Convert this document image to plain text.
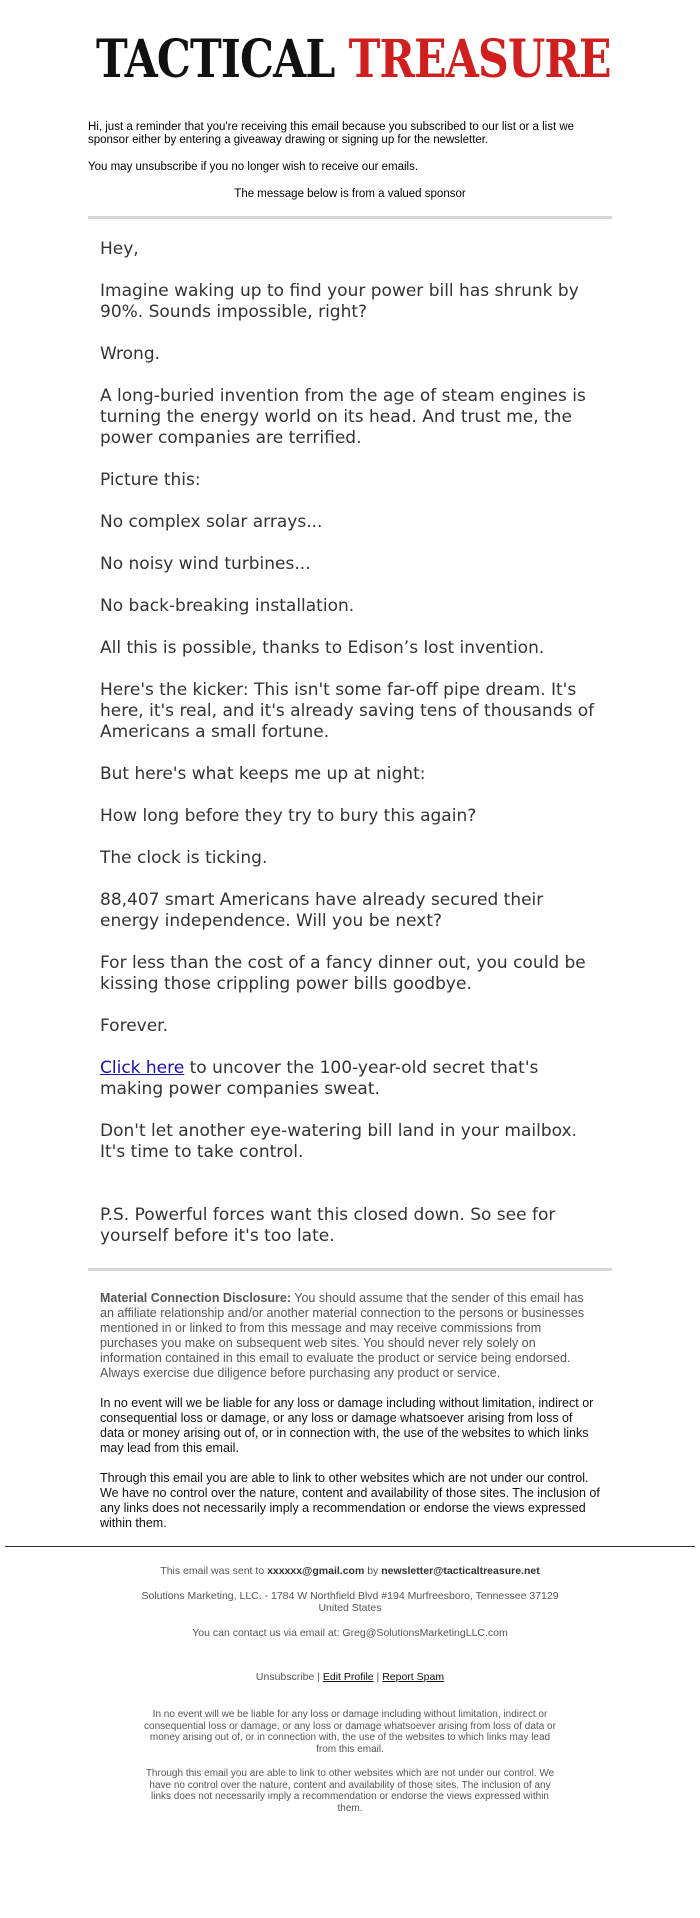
TACTICAL TREASURE

Hi, just a reminder that you're receiving this email because you subscribed to our list or a list we sponsor either by entering a giveaway drawing or signing up for the newsletter.

You may unsubscribe if you no longer wish to receive our emails.

The message below is from a valued sponsor

Hey,

Imagine waking up to find your power bill has shrunk by 90%. Sounds impossible, right?

Wrong.

A long-buried invention from the age of steam engines is turning the energy world on its head. And trust me, the power companies are terrified.

Picture this:

No complex solar arrays...

No noisy wind turbines...

No back-breaking installation.

All this is possible, thanks to Edison’s lost invention.

Here's the kicker: This isn't some far-off pipe dream. It's here, it's real, and it's already saving tens of thousands of Americans a small fortune.

But here's what keeps me up at night:

How long before they try to bury this again?

The clock is ticking.

88,407 smart Americans have already secured their energy independence. Will you be next?

For less than the cost of a fancy dinner out, you could be kissing those crippling power bills goodbye.

Forever.

Click here to uncover the 100-year-old secret that's making power companies sweat.

Don't let another eye-watering bill land in your mailbox. It's time to take control.

P.S. Powerful forces want this closed down. So see for yourself before it's too late.

Material Connection Disclosure: You should assume that the sender of this email has an affiliate relationship and/or another material connection to the persons or businesses mentioned in or linked to from this message and may receive commissions from purchases you make on subsequent web sites. You should never rely solely on information contained in this email to evaluate the product or service being endorsed. Always exercise due diligence before purchasing any product or service.

In no event will we be liable for any loss or damage including without limitation, indirect or consequential loss or damage, or any loss or damage whatsoever arising from loss of data or money arising out of, or in connection with, the use of the websites to which links may lead from this email.

Through this email you are able to link to other websites which are not under our control. We have no control over the nature, content and availability of those sites. The inclusion of any links does not necessarily imply a recommendation or endorse the views expressed within them.

This email was sent to xxxxxx@gmail.com by newsletter@tacticaltreasure.net

Solutions Marketing, LLC. - 1784 W Northfield Blvd #194 Murfreesboro, Tennessee 37129 United States

You can contact us via email at: Greg@SolutionsMarketingLLC.com

Unsubscribe | Edit Profile | Report Spam

In no event will we be liable for any loss or damage including without limitation, indirect or consequential loss or damage, or any loss or damage whatsoever arising from loss of data or money arising out of, or in connection with, the use of the websites to which links may lead from this email.

Through this email you are able to link to other websites which are not under our control. We have no control over the nature, content and availability of those sites. The inclusion of any links does not necessarily imply a recommendation or endorse the views expressed within them.
